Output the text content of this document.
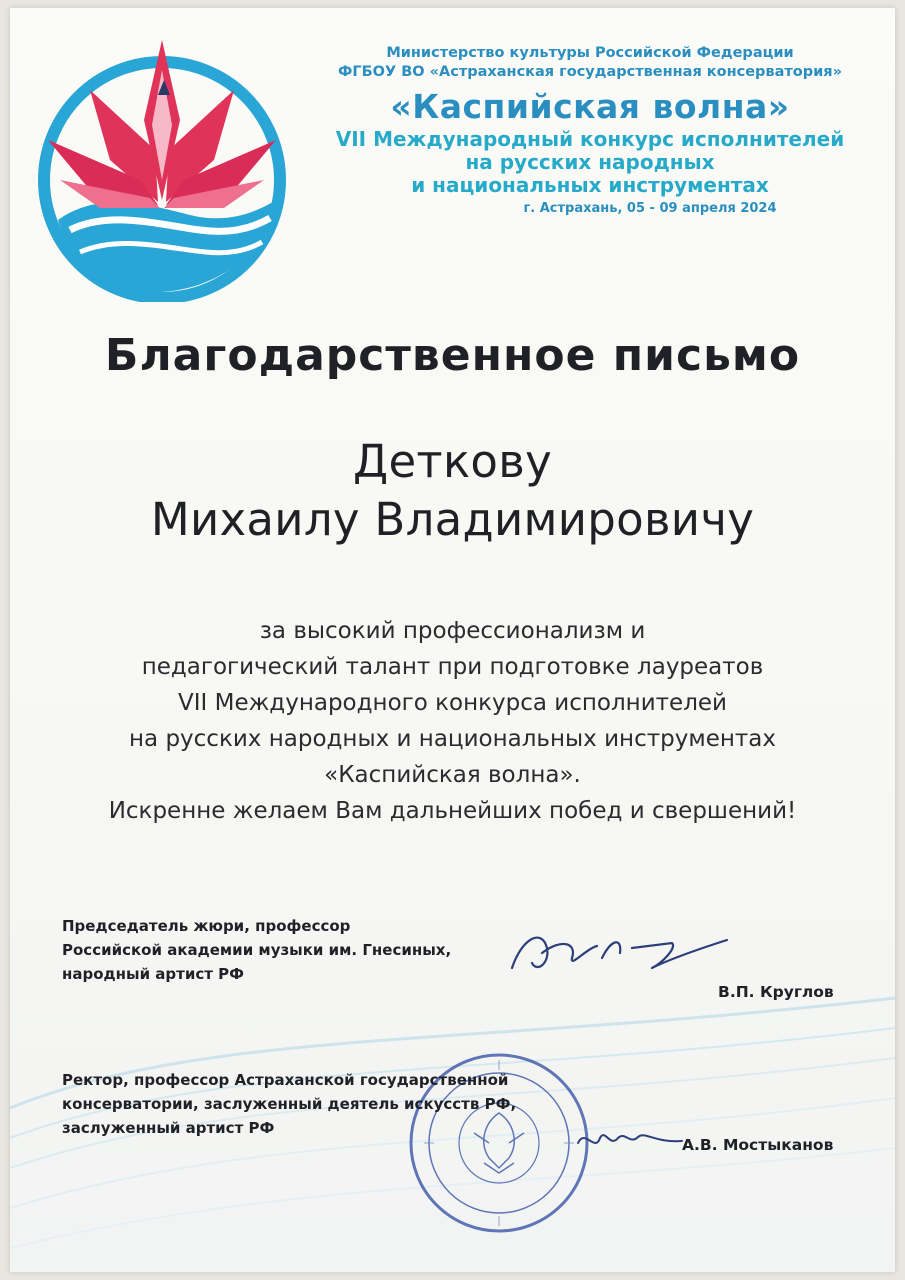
Министерство культуры Российской Федерации
ФГБОУ ВО «Астраханская государственная консерватория»
«Каспийская волна»
VII Международный конкурс исполнителей
на русских народных
и национальных инструментах
г. Астрахань, 05 - 09 апреля 2024
Благодарственное письмо
Деткову
Михаилу Владимировичу
за высокий профессионализм и
педагогический талант при подготовке лауреатов
VII Международного конкурса исполнителей
на русских народных и национальных инструментах
«Каспийская волна».
Искренне желаем Вам дальнейших побед и свершений!
Председатель жюри, профессор
Российской академии музыки им. Гнесиных,
народный артист РФ
В.П. Круглов
Ректор, профессор Астраханской государственной
консерватории, заслуженный деятель искусств РФ,
заслуженный артист РФ
А.В. Мостыканов
